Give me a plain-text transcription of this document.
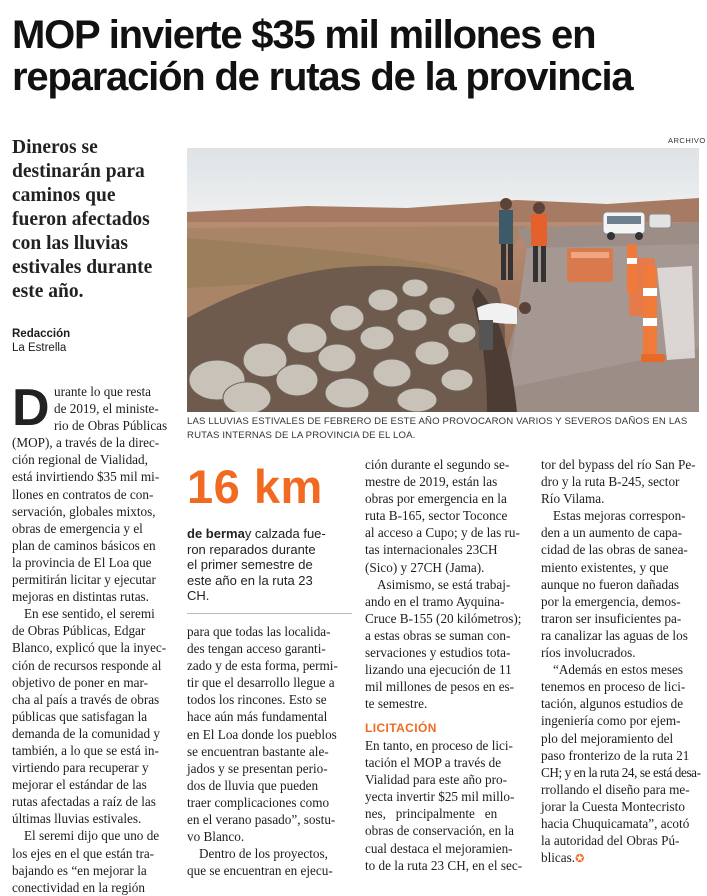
MOP invierte $35 mil millones en
reparación de rutas de la provincia

Dineros se
destinarán para
caminos que
fueron afectados
con las lluvias
estivales durante
este año.

Redacción
La Estrella
ARCHIVO
LAS LLUVIAS ESTIVALES DE FEBRERO DE ESTE AÑO PROVOCARON VARIOS Y SEVEROS DAÑOS EN LAS
RUTAS INTERNAS DE LA PROVINCIA DE EL LOA.
D urante lo que resta
de 2019, el ministe-
rio de Obras Públicas
(MOP), a través de la direc-
ción regional de Vialidad,
está invirtiendo $35 mil mi-
llones en contratos de con-
servación, globales mixtos,
obras de emergencia y el
plan de caminos básicos en
la provincia de El Loa que
permitirán licitar y ejecutar
mejoras en distintas rutas.
En ese sentido, el seremi
de Obras Públicas, Edgar
Blanco, explicó que la inyec-
ción de recursos responde al
objetivo de poner en mar-
cha al país a través de obras
públicas que satisfagan la
demanda de la comunidad y
también, a lo que se está in-
virtiendo para recuperar y
mejorar el estándar de las
rutas afectadas a raíz de las
últimas lluvias estivales.
El seremi dijo que uno de
los ejes en el que están tra-
bajando es “en mejorar la
conectividad en la región
16 km
de bermay calzada fue-
ron reparados durante
el primer semestre de
este año en la ruta 23
CH.
para que todas las localida-
des tengan acceso garanti-
zado y de esta forma, permi-
tir que el desarrollo llegue a
todos los rincones. Esto se
hace aún más fundamental
en El Loa donde los pueblos
se encuentran bastante ale-
jados y se presentan perio-
dos de lluvia que pueden
traer complicaciones como
en el verano pasado”, sostu-
vo Blanco.
Dentro de los proyectos,
que se encuentran en ejecu-
ción durante el segundo se-
mestre de 2019, están las
obras por emergencia en la
ruta B-165, sector Toconce
al acceso a Cupo; y de las ru-
tas internacionales 23CH
(Sico) y 27CH (Jama).
Asimismo, se está trabaj-
ando en el tramo Ayquina-
Cruce B-155 (20 kilómetros);
a estas obras se suman con-
servaciones y estudios tota-
lizando una ejecución de 11
mil millones de pesos en es-
te semestre.
LICITACIÓN
En tanto, en proceso de lici-
tación el MOP a través de
Vialidad para este año pro-
yecta invertir $25 mil millo-
nes,   principalmente   en
obras de conservación, en la
cual destaca el mejoramien-
to de la ruta 23 CH, en el sec-
tor del bypass del río San Pe-
dro y la ruta B-245, sector
Río Vilama.
Estas mejoras correspon-
den a un aumento de capa-
cidad de las obras de sanea-
miento existentes, y que
aunque no fueron dañadas
por la emergencia, demos-
traron ser insuficientes pa-
ra canalizar las aguas de los
ríos involucrados.
“Además en estos meses
tenemos en proceso de lici-
tación, algunos estudios de
ingeniería como por ejem-
plo del mejoramiento del
paso fronterizo de la ruta 21
CH; y en la ruta 24, se está desa-
rrollando el diseño para me-
jorar la Cuesta Montecristo
hacia Chuquicamata”, acotó
la autoridad del Obras Pú-
blicas.✪
